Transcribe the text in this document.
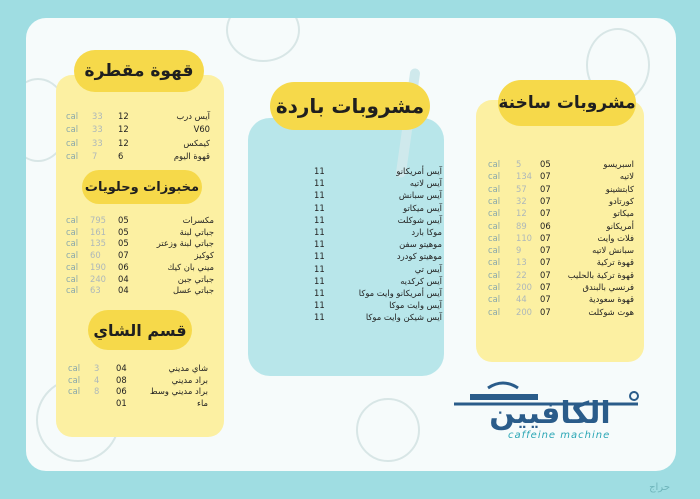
قهوة مقطرة
cal 33 12	آيس درب
cal 33 12	V60
cal 33 12	كيمكس
cal 7 6	قهوة اليوم
مخبوزات وحلويات
cal 795 05	مكسرات
cal 161 05	جباتي لبنة
cal 135 05	جباتي لبنة وزعتر
cal 60 07	كوكيز
cal 190 06	ميني بان كيك
cal 240 04	جباتي جبن
cal 63 04	جباتي عسل
قسم الشاي
cal 3 04	شاي مديني
cal 4 08	براد مديني
cal 8 06	براد مديني وسط
01	ماء
مشروبات باردة
11	آيس أمريكانو
11	آيس لاتيه
11	آيس سبانش
11	آيس ميكاتو
11	آيس شوكلت
11	موكا بارد
11	موهيتو سفن
11	موهيتو كودرد
11	آيس تي
11	آيس كركديه
11	آيس أمريكانو وايت موكا
11	آيس وايت موكا
11	آيس شيكن وايت موكا
مشروبات ساخنة
cal 5 05	اسبريسو
cal 134 07	لاتيه
cal 57 07	كابتشينو
cal 32 07	كورتادو
cal 12 07	ميكاتو
cal 89 06	أمريكانو
cal 110 07	فلات وايت
cal 9 07	سبانش لاتيه
cal 13 07	قهوة تركية
cal 22 07 قهوة تركية بالحليب
cal 200 07	فرنسي بالبندق
cal 44 07	قهوة سعودية
cal 200 07	هوت شوكلت
الكافيين
caffeine machine
حراج
